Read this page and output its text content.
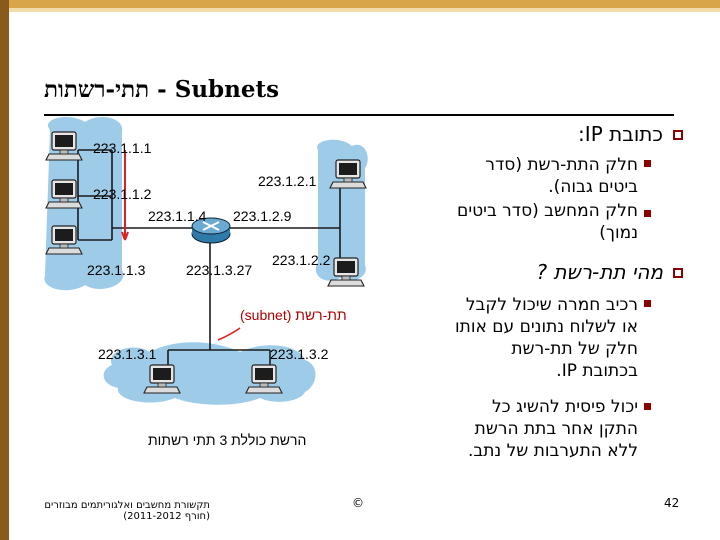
תתי-רשתות - Subnets
223.1.1.1
223.1.1.2
223.1.1.3
223.1.1.4 223.1.2.9
223.1.3.27
223.1.2.1
223.1.2.2
223.1.3.1	223.1.3.2
תת-רשת (subnet)
הרשת כוללת 3 תתי רשתות
כתובת IP:
חלק התת-רשת (סדר
ביטים גבוה).
חלק המחשב (סדר ביטים
נמוך)
מהי תת-רשת ?
רכיב חמרה שיכול לקבל
או לשלוח נתונים עם אותו
חלק של תת-רשת
בכתובת IP.
יכול פיסית להשיג כל
התקן אחר בתת הרשת
ללא התערבות של נתב.
תקשורת מחשבים ואלגוריתמים מבוזרים
(חורף 2011-2012)
©	42
